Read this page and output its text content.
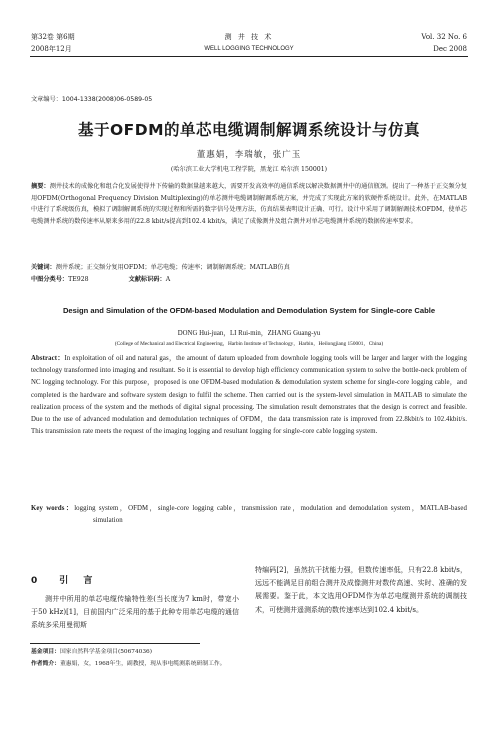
第32卷 第6期
2008年12月
测 井 技 术
WELL LOGGING TECHNOLOGY
Vol. 32 No. 6
Dec 2008
文章编号：1004-1338(2008)06-0589-05
基于OFDM的单芯电缆调制解调系统设计与仿真
董惠娟，李瑞敏，张广玉
(哈尔滨工业大学机电工程学院，黑龙江 哈尔滨 150001)
摘要：测井技术的成像化和组合化发展使得井下传输的数据量越来越大，需要开发高效率的通信系统以解决数据测井中的通信瓶颈。提出了一种基于正交频分复用OFDM(Orthogonal Frequency Division Multiplexing)的单芯测井电缆调制解调系统方案，并完成了实现此方案的软硬件系统设计。此外，在MATLAB中进行了系统级仿真，模拟了调制解调系统的实现过程和所需的数字信号处理方法，仿真结果表明设计正确、可行。设计中采用了调制解调技术OFDM，使单芯电缆测井系统的数传速率从原来多用的22.8 kbit/s提高到102.4 kbit/s，满足了成像测井及组合测井对单芯电缆测井系统的数据传速率要求。
关键词：测井系统；正交频分复用OFDM；单芯电缆；传速率；调制解调系统；MATLAB仿真
中图分类号：TE928	文献标识码：A
Design and Simulation of the OFDM-based Modulation and Demodulation System for Single-core Cable
DONG Hui-juan，LI Rui-min，ZHANG Guang-yu
(College of Mechanical and Electrical Engineering，Harbin Institute of Technology，Harbin，Heilongjiang 150001，China)
Abstract：In exploitation of oil and natural gas，the amount of datum uploaded from downhole logging tools will be larger and larger with the logging technology transformed into imaging and resultant. So it is essential to develop high efficiency communication system to solve the bottle-neck problem of NC logging technology. For this purpose，proposed is one OFDM-based modulation & demodulation system scheme for single-core logging cable，and completed is the hardware and software system design to fulfil the scheme. Then carried out is the system-level simulation in MATLAB to simulate the realization process of the system and the methods of digital signal processing. The simulation result demonstrates that the design is correct and feasible. Due to the use of advanced modulation and demodulation techniques of OFDM，the data transmission rate is improved from 22.8kbit/s to 102.4kbit/s. This transmission rate meets the request of the imaging logging and resultant logging for single-core cable logging system.
Key words：logging system，OFDM，single-core logging cable，transmission rate，modulation and demodulation system，MATLAB-based simulation
0 引 言
测井中所用的单芯电缆传输特性差(当长度为7 km时，带宽小于50 kHz)[1]，目前国内广泛采用的基于此种专用单芯电缆的通信系统多采用曼彻斯
特编码[2]，虽然抗干扰能力强，但数传速率低，只有22.8 kbit/s，远远不能满足目前组合测井及成像测井对数传高速、实时、准确的发展需要。鉴于此，本文选用OFDM作为单芯电缆测井系统的调制技术，可使测井遥测系统的数传速率达到102.4 kbit/s。
基金项目：国家自然科学基金项目(50674036)
作者简介：董惠娟，女，1968年生，副教授，现从事电缆测系统研制工作。
